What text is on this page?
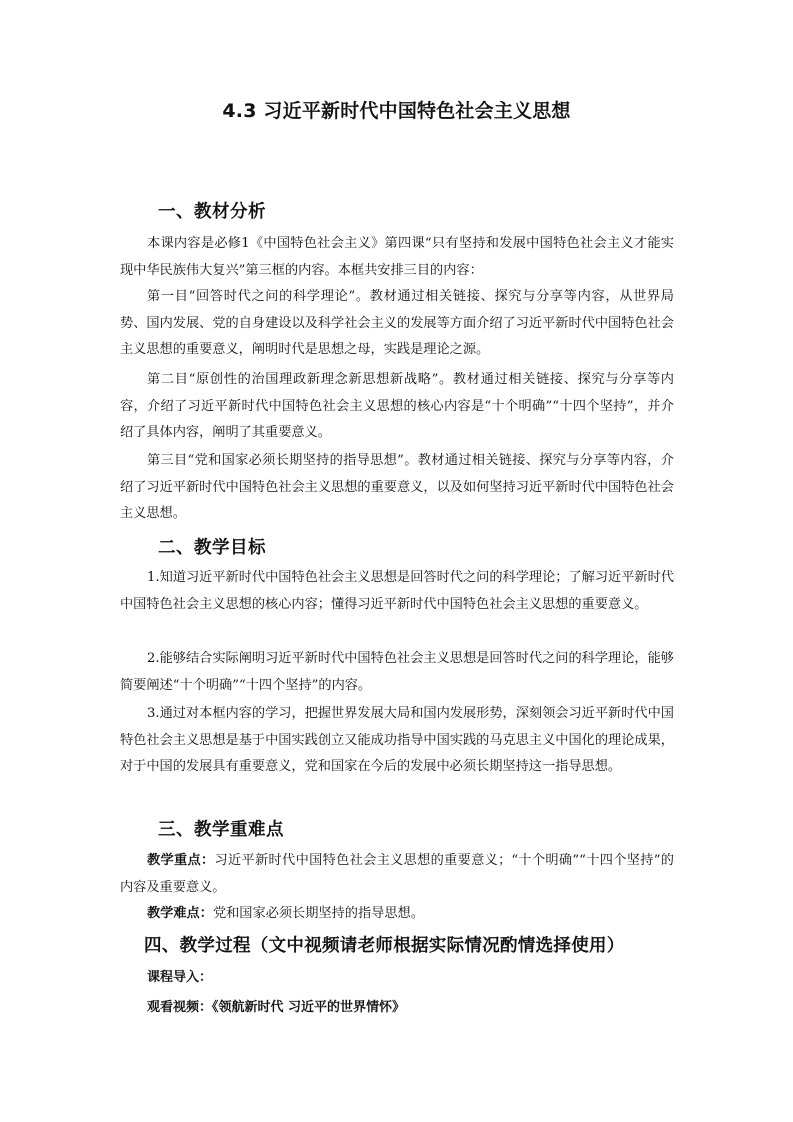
4.3 习近平新时代中国特色社会主义思想
一、教材分析

本课内容是必修1《中国特色社会主义》第四课“只有坚持和发展中国特色社会主义才能实现中华民族伟大复兴”第三框的内容。本框共安排三目的内容：

第一目“回答时代之问的科学理论”。教材通过相关链接、探究与分享等内容，从世界局势、国内发展、党的自身建设以及科学社会主义的发展等方面介绍了习近平新时代中国特色社会主义思想的重要意义，阐明时代是思想之母，实践是理论之源。

第二目“原创性的治国理政新理念新思想新战略”。教材通过相关链接、探究与分享等内容，介绍了习近平新时代中国特色社会主义思想的核心内容是“十个明确”“十四个坚持”，并介绍了具体内容，阐明了其重要意义。

第三目“党和国家必须长期坚持的指导思想”。教材通过相关链接、探究与分享等内容，介绍了习近平新时代中国特色社会主义思想的重要意义，以及如何坚持习近平新时代中国特色社会主义思想。

二、教学目标

1.知道习近平新时代中国特色社会主义思想是回答时代之问的科学理论；了解习近平新时代中国特色社会主义思想的核心内容；懂得习近平新时代中国特色社会主义思想的重要意义。

2.能够结合实际阐明习近平新时代中国特色社会主义思想是回答时代之问的科学理论，能够简要阐述“十个明确”“十四个坚持”的内容。

3.通过对本框内容的学习，把握世界发展大局和国内发展形势，深刻领会习近平新时代中国特色社会主义思想是基于中国实践创立又能成功指导中国实践的马克思主义中国化的理论成果，对于中国的发展具有重要意义，党和国家在今后的发展中必须长期坚持这一指导思想。

三、教学重难点

教学重点：习近平新时代中国特色社会主义思想的重要意义；“十个明确”“十四个坚持”的内容及重要意义。

教学难点：党和国家必须长期坚持的指导思想。

四、教学过程（文中视频请老师根据实际情况酌情选择使用）

课程导入：

观看视频：《领航新时代 习近平的世界情怀》
